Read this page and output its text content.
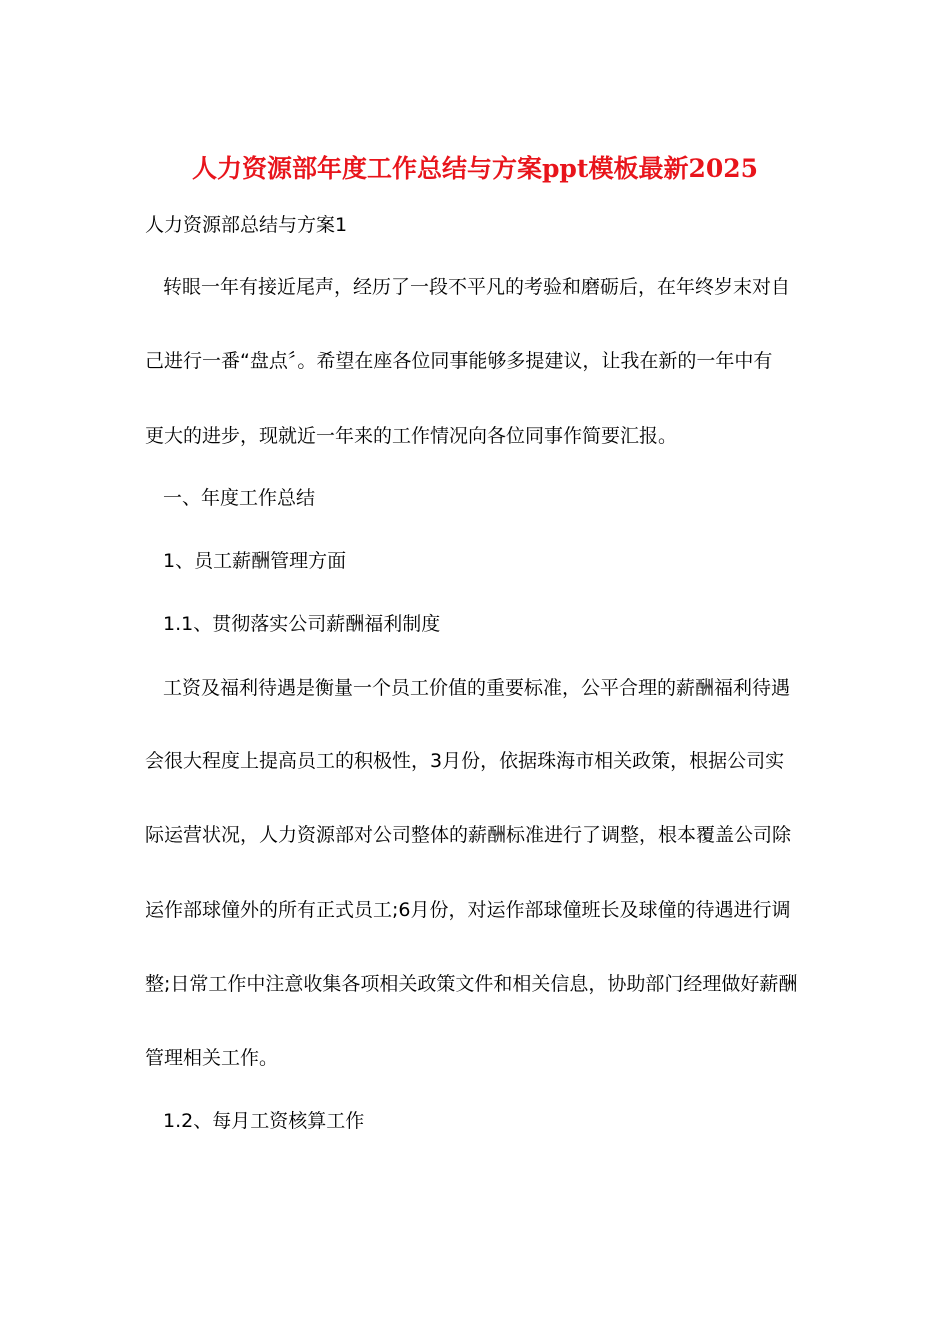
人力资源部年度工作总结与方案ppt模板最新2025
人力资源部总结与方案1
转眼一年有接近尾声，经历了一段不平凡的考验和磨砺后，在年终岁末对自
己进行一番“盘点〞。希望在座各位同事能够多提建议，让我在新的一年中有
更大的进步，现就近一年来的工作情况向各位同事作简要汇报。
一、年度工作总结
1、员工薪酬管理方面
1.1、贯彻落实公司薪酬福利制度
工资及福利待遇是衡量一个员工价值的重要标准，公平合理的薪酬福利待遇
会很大程度上提高员工的积极性，3月份，依据珠海市相关政策，根据公司实
际运营状况，人力资源部对公司整体的薪酬标准进行了调整，根本覆盖公司除
运作部球僮外的所有正式员工;6月份，对运作部球僮班长及球僮的待遇进行调
整;日常工作中注意收集各项相关政策文件和相关信息，协助部门经理做好薪酬
管理相关工作。
1.2、每月工资核算工作
